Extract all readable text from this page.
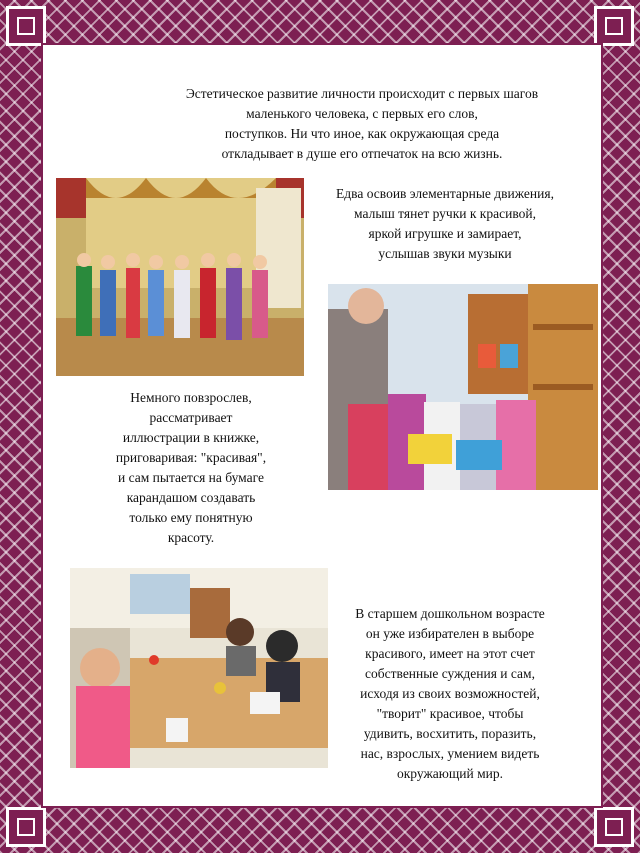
Эстетическое развитие личности происходит с первых шагов
маленького человека, с первых его слов,
поступков. Ни что иное, как окружающая среда
откладывает в душе его отпечаток на всю жизнь.
Едва освоив элементарные движения,
малыш тянет ручки к красивой,
яркой игрушке и замирает,
услышав звуки музыки
Немного повзрослев,
рассматривает
иллюстрации в книжке,
приговаривая: "красивая",
и сам пытается на бумаге
карандашом создавать
только ему понятную
красоту.
В старшем дошкольном возрасте
он уже избирателен в выборе
красивого, имеет на этот счет
собственные суждения и сам,
исходя из своих возможностей,
"творит" красивое, чтобы
удивить, восхитить, поразить,
нас, взрослых, умением видеть
окружающий мир.
